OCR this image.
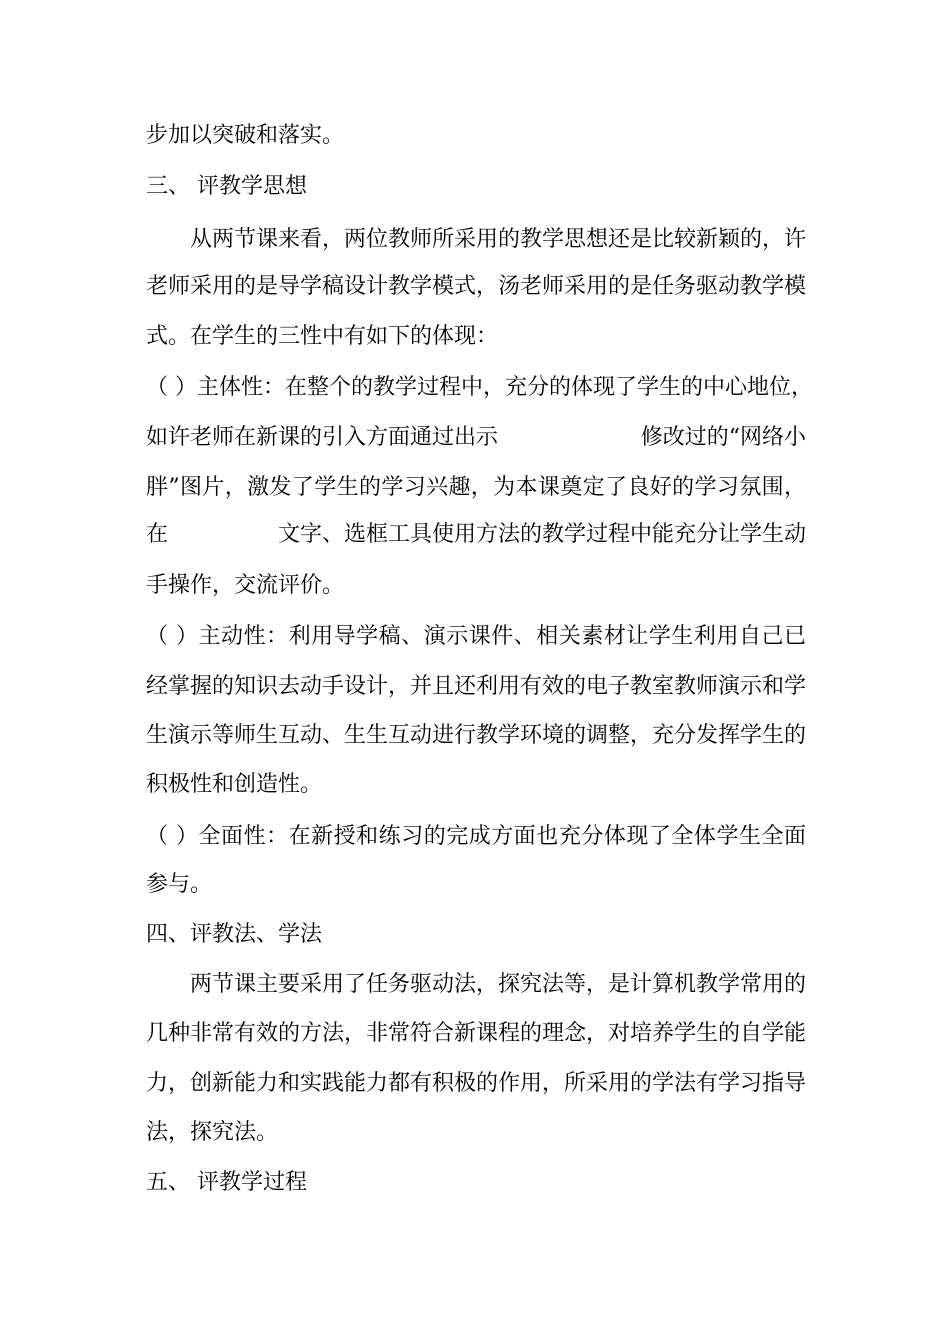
步加以突破和落实。
三、 评教学思想
从两节课来看，两位教师所采用的教学思想还是比较新颖的，许
老师采用的是导学稿设计教学模式，汤老师采用的是任务驱动教学模
式。在学生的三性中有如下的体现：
（ ）主体性：在整个的教学过程中，充分的体现了学生的中心地位，
如许老师在新课的引入方面通过出示	修改过的“网络小
胖”图片，激发了学生的学习兴趣，为本课奠定了良好的学习氛围，
在	文字、选框工具使用方法的教学过程中能充分让学生动
手操作，交流评价。
（ ）主动性：利用导学稿、演示课件、相关素材让学生利用自己已
经掌握的知识去动手设计，并且还利用有效的电子教室教师演示和学
生演示等师生互动、生生互动进行教学环境的调整，充分发挥学生的
积极性和创造性。
（ ）全面性：在新授和练习的完成方面也充分体现了全体学生全面
参与。
四、评教法、学法
两节课主要采用了任务驱动法，探究法等，是计算机教学常用的
几种非常有效的方法，非常符合新课程的理念，对培养学生的自学能
力，创新能力和实践能力都有积极的作用，所采用的学法有学习指导
法，探究法。
五、 评教学过程
